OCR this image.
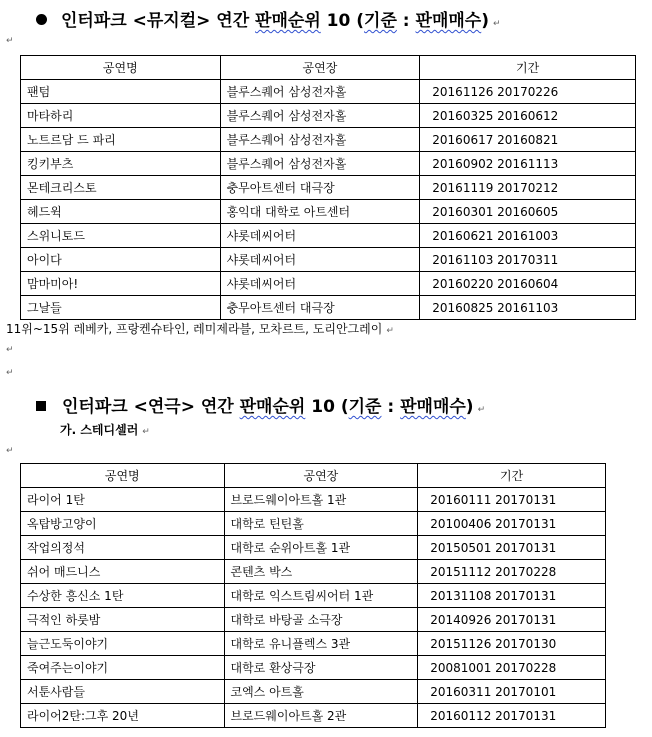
인터파크 <뮤지컬> 연간 판매순위 10 (기준 : 판매매수) ↵
↵
공연명	공연장	기간
팬텀	블루스퀘어 삼성전자홀	20161126 20170226
마타하리	블루스퀘어 삼성전자홀	20160325 20160612
노트르담 드 파리	블루스퀘어 삼성전자홀	20160617 20160821
킹키부츠	블루스퀘어 삼성전자홀	20160902 20161113
몬테크리스토	충무아트센터 대극장	20161119 20170212
헤드윅	홍익대 대학로 아트센터	20160301 20160605
스위니토드	샤롯데씨어터	20160621 20161003
아이다	샤롯데씨어터	20161103 20170311
맘마미아!	샤롯데씨어터	20160220 20160604
그날들	충무아트센터 대극장	20160825 20161103
11위~15위 레베카, 프랑켄슈타인, 레미제라블, 모차르트, 도리안그레이 ↵
↵
↵
인터파크 <연극> 연간 판매순위 10 (기준 : 판매매수) ↵
가. 스테디셀러 ↵
↵
공연명	공연장	기간
라이어 1탄	브로드웨이아트홀 1관	20160111 20170131
옥탑방고양이	대학로 틴틴홀	20100406 20170131
작업의정석	대학로 순위아트홀 1관	20150501 20170131
쉬어 매드니스	콘텐츠 박스	20151112 20170228
수상한 흥신소 1탄	대학로 익스트림씨어터 1관	20131108 20170131
극적인 하룻밤	대학로 바탕골 소극장	20140926 20170131
늘근도둑이야기	대학로 유니플렉스 3관	20151126 20170130
죽여주는이야기	대학로 환상극장	20081001 20170228
서툰사람들	코엑스 아트홀	20160311 20170101
라이어2탄:그후 20년	브로드웨이아트홀 2관	20160112 20170131
